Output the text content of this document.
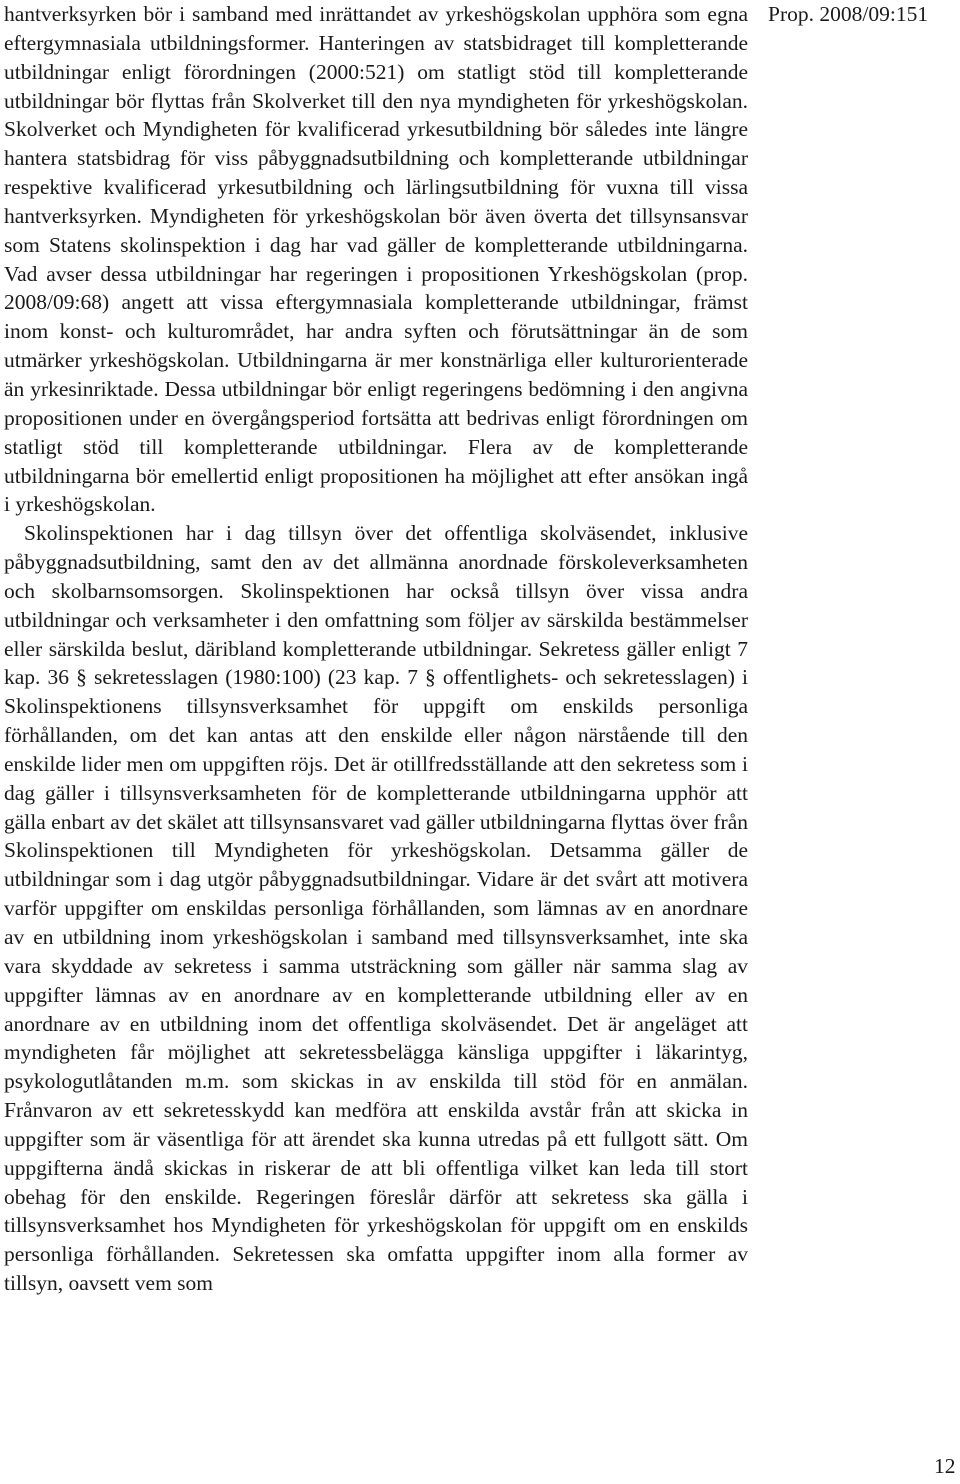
hantverksyrken bör i samband med inrättandet av yrkeshögskolan upphöra som egna eftergymnasiala utbildningsformer. Hanteringen av statsbidraget till kompletterande utbildningar enligt förordningen (2000:521) om statligt stöd till kompletterande utbildningar bör flyttas från Skolverket till den nya myndigheten för yrkeshögskolan. Skolverket och Myndigheten för kvalificerad yrkesutbildning bör således inte längre hantera statsbidrag för viss påbyggnadsutbildning och kompletterande utbildningar respektive kvalificerad yrkesutbildning och lärlingsutbildning för vuxna till vissa hantverksyrken. Myndigheten för yrkeshögskolan bör även överta det tillsynsansvar som Statens skolinspektion i dag har vad gäller de kompletterande utbildningarna. Vad avser dessa utbildningar har regeringen i propositionen Yrkeshögskolan (prop. 2008/09:68) angett att vissa eftergymnasiala kompletterande utbildningar, främst inom konst- och kulturområdet, har andra syften och förutsättningar än de som utmärker yrkeshögskolan. Utbildningarna är mer konstnärliga eller kulturorienterade än yrkesinriktade. Dessa utbildningar bör enligt regeringens bedömning i den angivna propositionen under en övergångsperiod fortsätta att bedrivas enligt förordningen om statligt stöd till kompletterande utbildningar. Flera av de kompletterande utbildningarna bör emellertid enligt propositionen ha möjlighet att efter ansökan ingå i yrkeshögskolan.

Skolinspektionen har i dag tillsyn över det offentliga skolväsendet, inklusive påbyggnadsutbildning, samt den av det allmänna anordnade förskoleverksamheten och skolbarnsomsorgen. Skolinspektionen har också tillsyn över vissa andra utbildningar och verksamheter i den omfattning som följer av särskilda bestämmelser eller särskilda beslut, däribland kompletterande utbildningar. Sekretess gäller enligt 7 kap. 36 § sekretesslagen (1980:100) (23 kap. 7 § offentlighets- och sekretesslagen) i Skolinspektionens tillsynsverksamhet för uppgift om enskilds personliga förhållanden, om det kan antas att den enskilde eller någon närstående till den enskilde lider men om uppgiften röjs. Det är otillfredsställande att den sekretess som i dag gäller i tillsynsverksamheten för de kompletterande utbildningarna upphör att gälla enbart av det skälet att tillsynsansvaret vad gäller utbildningarna flyttas över från Skolinspektionen till Myndigheten för yrkeshögskolan. Detsamma gäller de utbildningar som i dag utgör påbyggnadsutbildningar. Vidare är det svårt att motivera varför uppgifter om enskildas personliga förhållanden, som lämnas av en anordnare av en utbildning inom yrkeshögskolan i samband med tillsynsverksamhet, inte ska vara skyddade av sekretess i samma utsträckning som gäller när samma slag av uppgifter lämnas av en anordnare av en kompletterande utbildning eller av en anordnare av en utbildning inom det offentliga skolväsendet. Det är angeläget att myndigheten får möjlighet att sekretessbelägga känsliga uppgifter i läkarintyg, psykologutlåtanden m.m. som skickas in av enskilda till stöd för en anmälan. Frånvaron av ett sekretesskydd kan medföra att enskilda avstår från att skicka in uppgifter som är väsentliga för att ärendet ska kunna utredas på ett fullgott sätt. Om uppgifterna ändå skickas in riskerar de att bli offentliga vilket kan leda till stort obehag för den enskilde. Regeringen föreslår därför att sekretess ska gälla i tillsynsverksamhet hos Myndigheten för yrkeshögskolan för uppgift om en enskilds personliga förhållanden. Sekretessen ska omfatta uppgifter inom alla former av tillsyn, oavsett vem som

Prop. 2008/09:151
12
